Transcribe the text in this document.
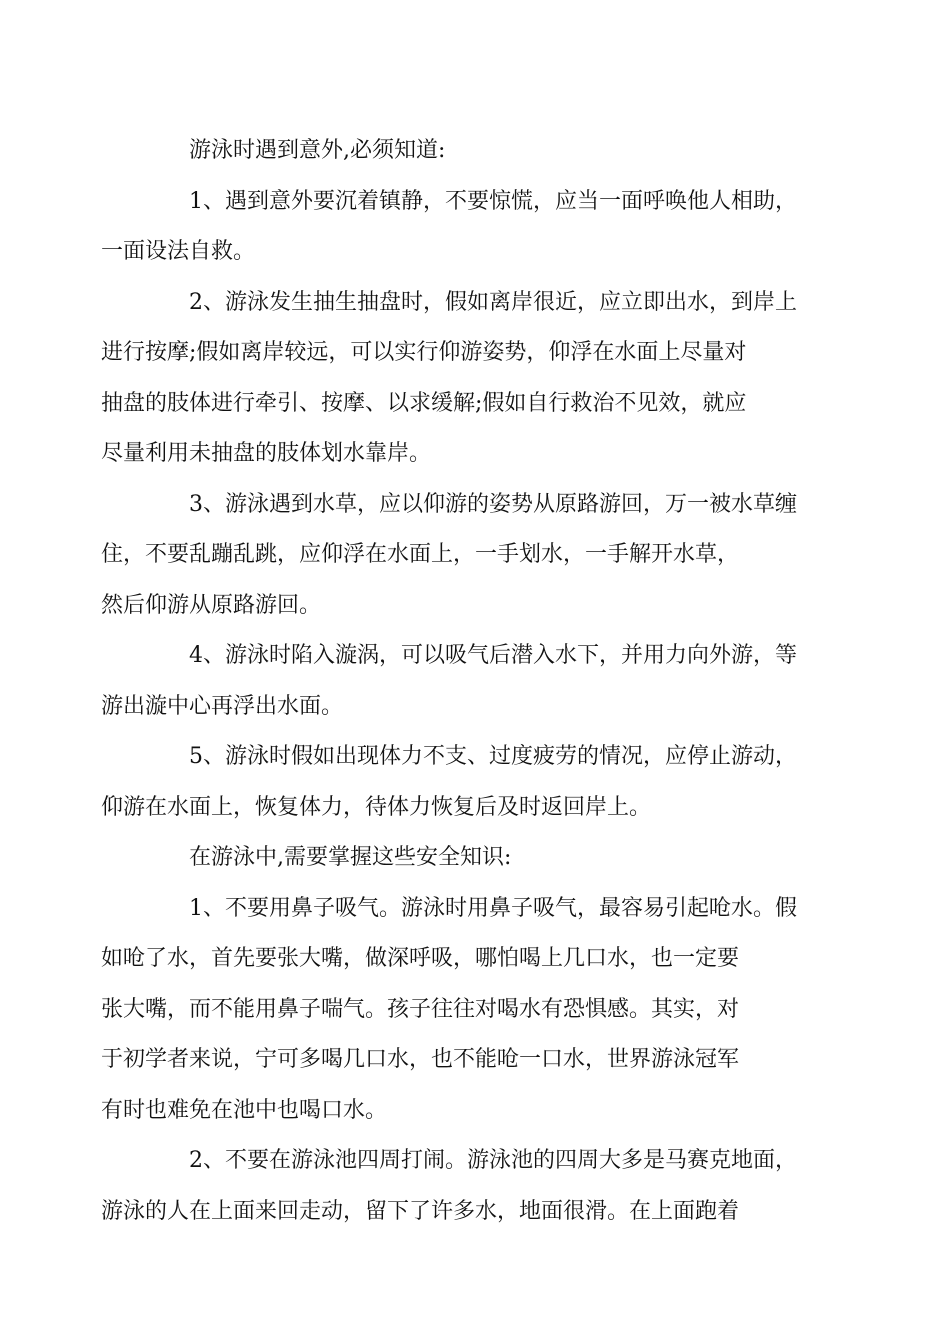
游泳时遇到意外,必须知道:

1、遇到意外要沉着镇静，不要惊慌，应当一面呼唤他人相助，
一面设法自救。

2、游泳发生抽生抽盘时，假如离岸很近，应立即出水，到岸上
进行按摩;假如离岸较远，可以实行仰游姿势，仰浮在水面上尽量对
抽盘的肢体进行牵引、按摩、以求缓解;假如自行救治不见效，就应
尽量利用未抽盘的肢体划水靠岸。

3、游泳遇到水草，应以仰游的姿势从原路游回，万一被水草缠
住，不要乱蹦乱跳，应仰浮在水面上，一手划水，一手解开水草，
然后仰游从原路游回。

4、游泳时陷入漩涡，可以吸气后潜入水下，并用力向外游，等
游出漩中心再浮出水面。

5、游泳时假如出现体力不支、过度疲劳的情况，应停止游动，
仰游在水面上，恢复体力，待体力恢复后及时返回岸上。

在游泳中,需要掌握这些安全知识:

1、不要用鼻子吸气。游泳时用鼻子吸气，最容易引起呛水。假
如呛了水，首先要张大嘴，做深呼吸，哪怕喝上几口水，也一定要
张大嘴，而不能用鼻子喘气。孩子往往对喝水有恐惧感。其实，对
于初学者来说，宁可多喝几口水，也不能呛一口水，世界游泳冠军
有时也难免在池中也喝口水。

2、不要在游泳池四周打闹。游泳池的四周大多是马赛克地面，
游泳的人在上面来回走动，留下了许多水，地面很滑。在上面跑着
